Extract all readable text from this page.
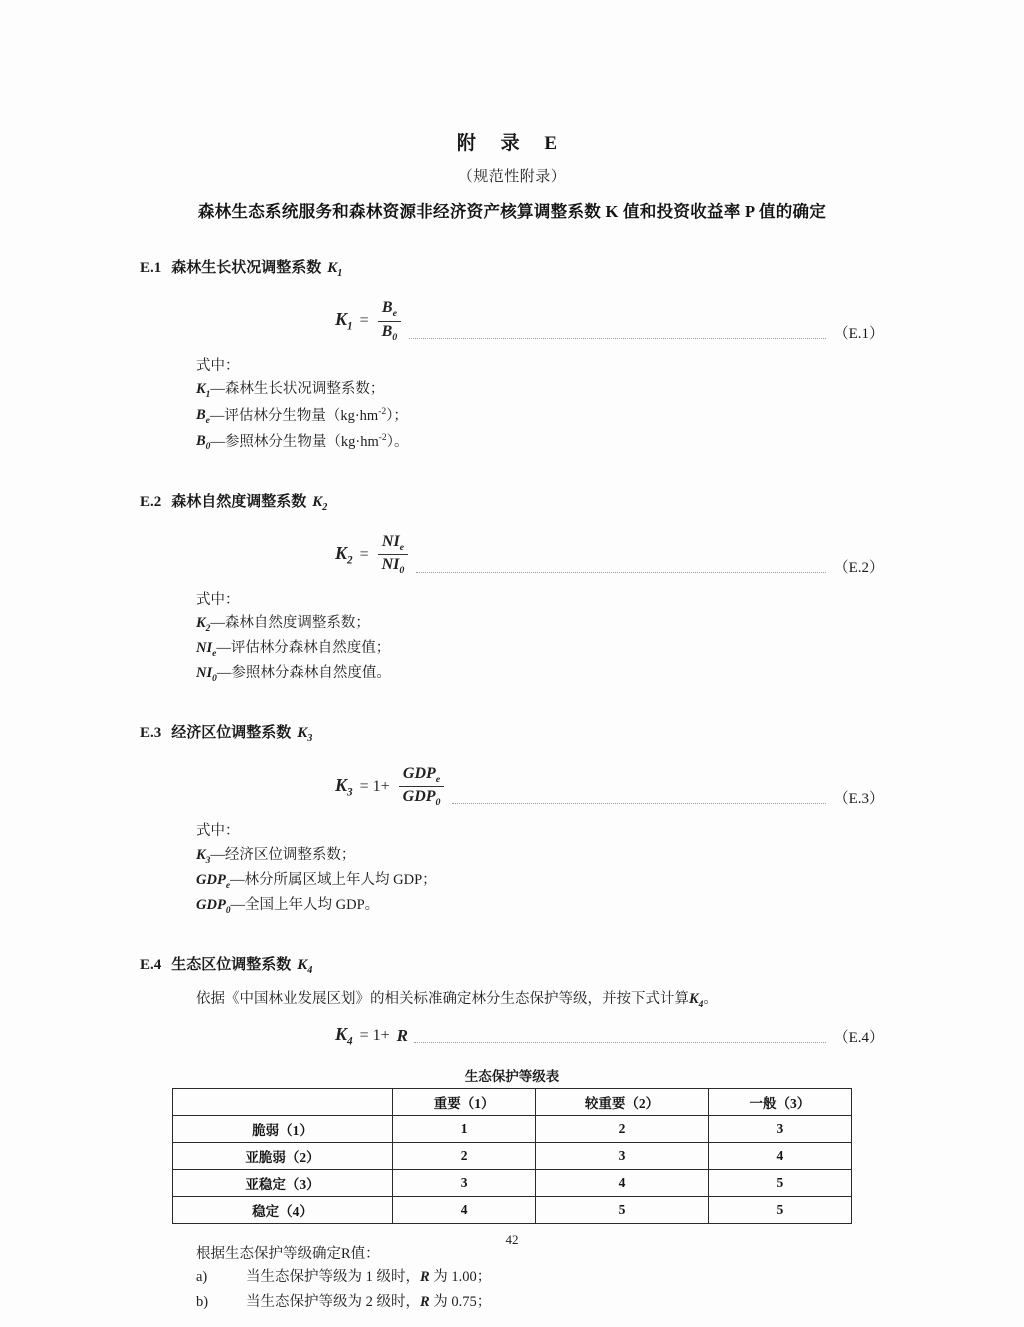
附 录 E
（规范性附录）
森林生态系统服务和森林资源非经济资产核算调整系数 K 值和投资收益率 P 值的确定
E.1 森林生长状况调整系数 $K_1$
$K_1 = \frac{B_e}{B_0}$	（E.1）
式中：
$K_1—$森林生长状况调整系数；
$B_e—$评估林分生物量$(kg\cdot hm^{-2})$；
$B_0—$参照林分生物量$(kg\cdot hm^{-2})$。
E.2 森林自然度调整系数 $K_2$
$K_2 = \frac{NI_e}{NI_0}$	（E.2）
式中：
$K_2—$森林自然度调整系数；
$NI_e—$评估林分森林自然度值；
$NI_0—$参照林分森林自然度值。
E.3 经济区位调整系数 $K_3$
$K_3 = 1+ \frac{GDP_e}{GDP_0}$	（E.3）
式中：
$K_3—$经济区位调整系数；
$GDP_e—$林分所属区域上年人均 GDP；
$GDP_0—$全国上年人均 GDP。
E.4 生态区位调整系数 $K_4$
依据《中国林业发展区划》的相关标准确定林分生态保护等级，并按下式计算$K_4$。
$K_4 = 1+ R$	（E.4）
生态保护等级表
	重要（1）	较重要（2）	一般（3）
脆弱（1）	1	2	3
亚脆弱（2）	2	3	4
亚稳定（3）	3	4	5
稳定（4）	4	5	5
根据生态保护等级确定R值：
a)	当生态保护等级为 1 级时，R 为 1.00；
b)	当生态保护等级为 2 级时，R 为 0.75；
42
